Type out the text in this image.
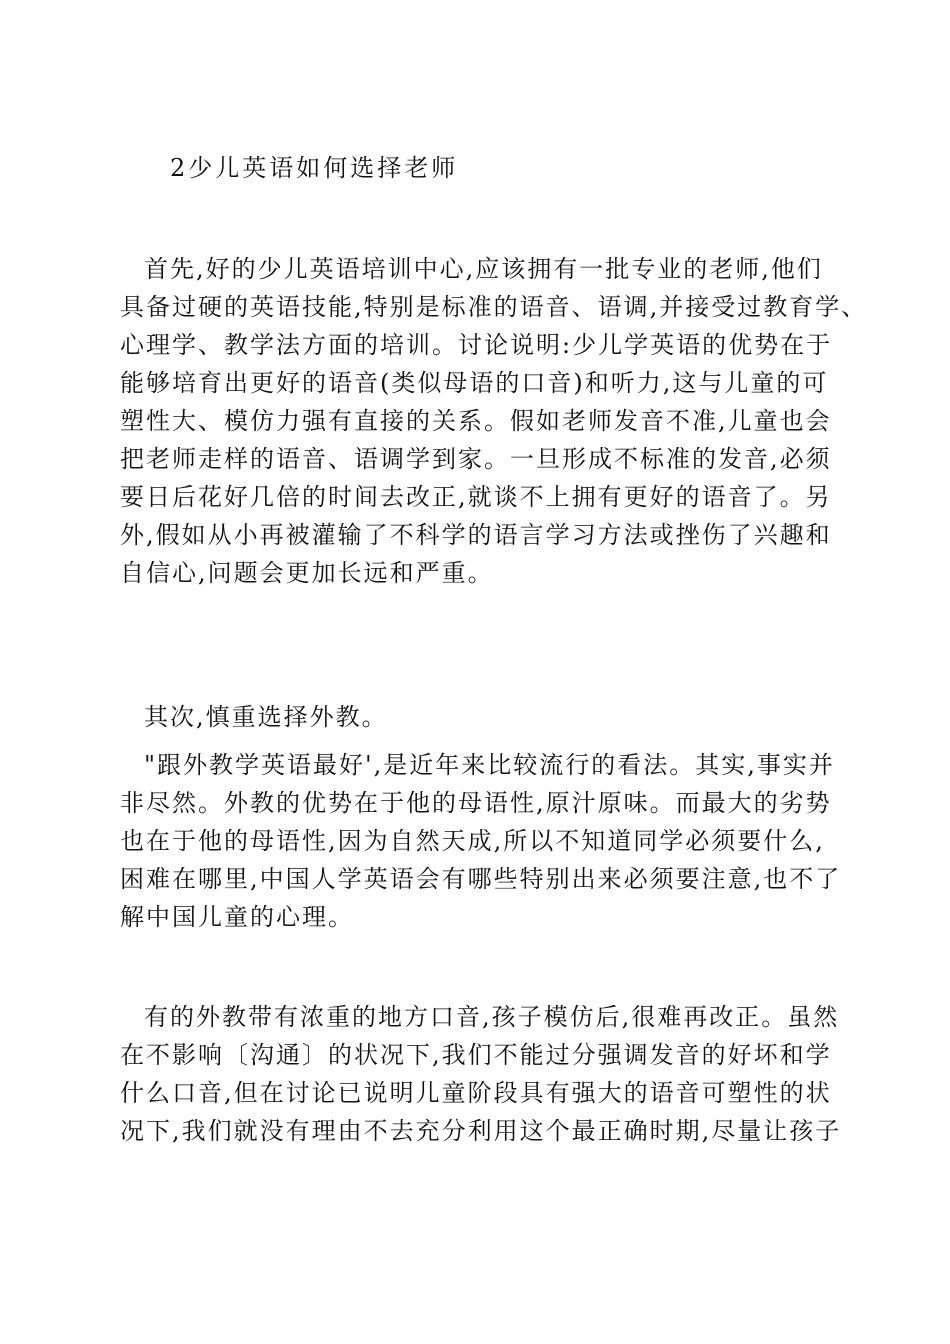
2少儿英语如何选择老师
首先,好的少儿英语培训中心,应该拥有一批专业的老师,他们
具备过硬的英语技能,特别是标准的语音、语调,并接受过教育学、
心理学、教学法方面的培训。讨论说明:少儿学英语的优势在于
能够培育出更好的语音(类似母语的口音)和听力,这与儿童的可
塑性大、模仿力强有直接的关系。假如老师发音不准,儿童也会
把老师走样的语音、语调学到家。一旦形成不标准的发音,必须
要日后花好几倍的时间去改正,就谈不上拥有更好的语音了。另
外,假如从小再被灌输了不科学的语言学习方法或挫伤了兴趣和
自信心,问题会更加长远和严重。
其次,慎重选择外教。
"跟外教学英语最好',是近年来比较流行的看法。其实,事实并
非尽然。外教的优势在于他的母语性,原汁原味。而最大的劣势
也在于他的母语性,因为自然天成,所以不知道同学必须要什么,
困难在哪里,中国人学英语会有哪些特别出来必须要注意,也不了
解中国儿童的心理。
有的外教带有浓重的地方口音,孩子模仿后,很难再改正。虽然
在不影响〔沟通〕的状况下,我们不能过分强调发音的好坏和学
什么口音,但在讨论已说明儿童阶段具有强大的语音可塑性的状
况下,我们就没有理由不去充分利用这个最正确时期,尽量让孩子
